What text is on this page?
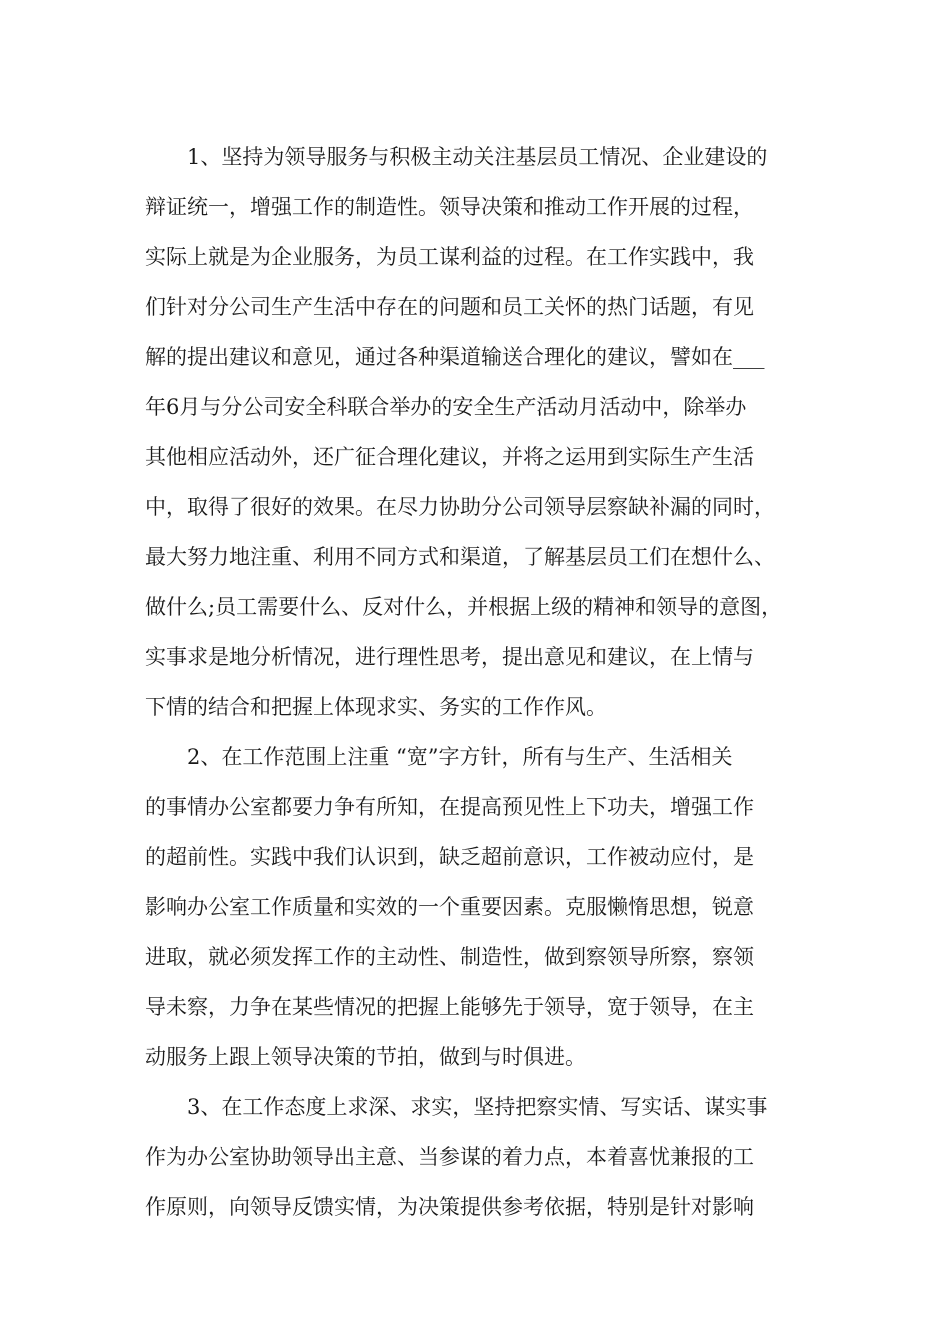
1、坚持为领导服务与积极主动关注基层员工情况、企业建设的
辩证统一，增强工作的制造性。领导决策和推动工作开展的过程，
实际上就是为企业服务，为员工谋利益的过程。在工作实践中，我
们针对分公司生产生活中存在的问题和员工关怀的热门话题，有见
解的提出建议和意见，通过各种渠道输送合理化的建议，譬如在___
年6月与分公司安全科联合举办的安全生产活动月活动中，除举办
其他相应活动外，还广征合理化建议，并将之运用到实际生产生活
中，取得了很好的效果。在尽力协助分公司领导层察缺补漏的同时，
最大努力地注重、利用不同方式和渠道，了解基层员工们在想什么、
做什么;员工需要什么、反对什么，并根据上级的精神和领导的意图，
实事求是地分析情况，进行理性思考，提出意见和建议，在上情与
下情的结合和把握上体现求实、务实的工作作风。
2、在工作范围上注重 “宽”字方针，所有与生产、生活相关
的事情办公室都要力争有所知，在提高预见性上下功夫，增强工作
的超前性。实践中我们认识到，缺乏超前意识，工作被动应付，是
影响办公室工作质量和实效的一个重要因素。克服懒惰思想，锐意
进取，就必须发挥工作的主动性、制造性，做到察领导所察，察领
导未察，力争在某些情况的把握上能够先于领导，宽于领导，在主
动服务上跟上领导决策的节拍，做到与时俱进。
3、在工作态度上求深、求实，坚持把察实情、写实话、谋实事
作为办公室协助领导出主意、当参谋的着力点，本着喜忧兼报的工
作原则，向领导反馈实情，为决策提供参考依据，特别是针对影响
